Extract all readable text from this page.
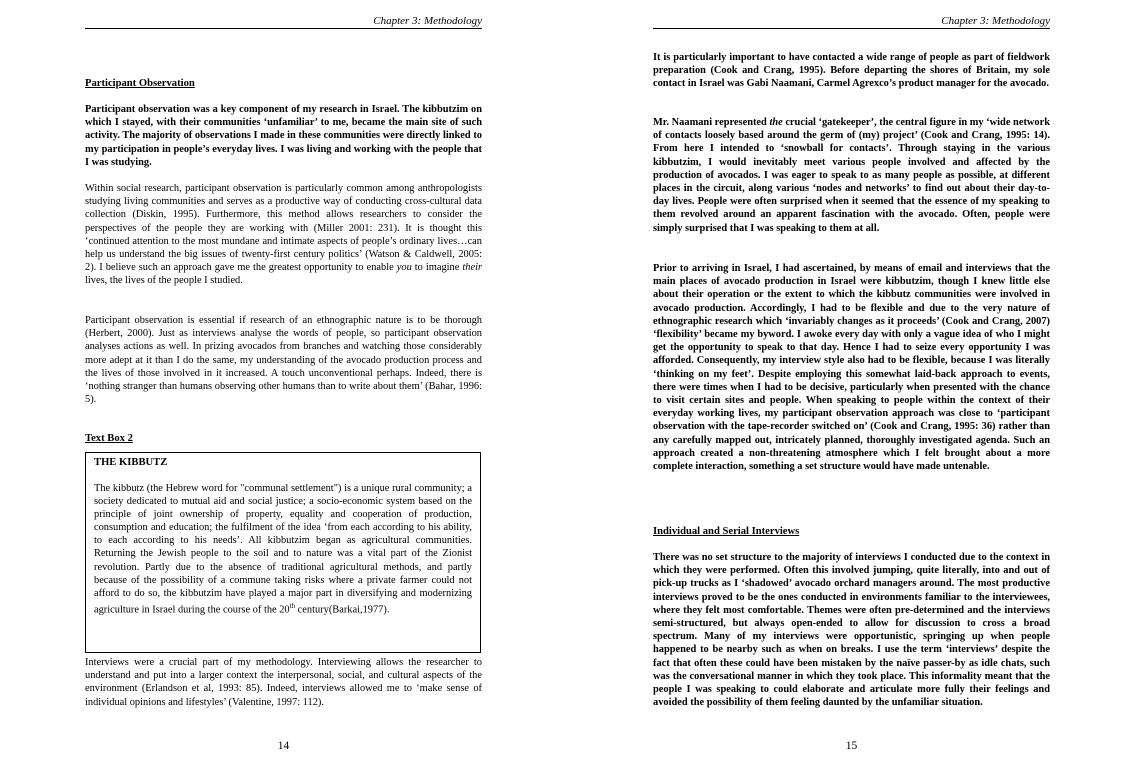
Chapter 3: Methodology
Participant Observation

Participant observation was a key component of my research in Israel. The kibbutzim on which I stayed, with their communities ‘unfamiliar’ to me, became the main site of such activity. The majority of observations I made in these communities were directly linked to my participation in people’s everyday lives. I was living and working with the people that I was studying.

Within social research, participant observation is particularly common among anthropologists studying living communities and serves as a productive way of conducting cross-cultural data collection (Diskin, 1995). Furthermore, this method allows researchers to consider the perspectives of the people they are working with (Miller 2001: 231). It is thought this ‘continued attention to the most mundane and intimate aspects of people’s ordinary lives…can help us understand the big issues of twenty-first century politics’ (Watson & Caldwell, 2005: 2). I believe such an approach gave me the greatest opportunity to enable you to imagine their lives, the lives of the people I studied.

Participant observation is essential if research of an ethnographic nature is to be thorough (Herbert, 2000). Just as interviews analyse the words of people, so participant observation analyses actions as well. In prizing avocados from branches and watching those considerably more adept at it than I do the same, my understanding of the avocado production process and the lives of those involved in it increased. A touch unconventional perhaps. Indeed, there is ‘nothing stranger than humans observing other humans than to write about them’ (Bahar, 1996: 5).

Text Box 2

THE KIBBUTZ

The kibbutz (the Hebrew word for "communal settlement") is a unique rural community; a society dedicated to mutual aid and social justice; a socio-economic system based on the principle of joint ownership of property, equality and cooperation of production, consumption and education; the fulfilment of the idea ‘from each according to his ability, to each according to his needs’. All kibbutzim began as agricultural communities. Returning the Jewish people to the soil and to nature was a vital part of the Zionist revolution. Partly due to the absence of traditional agricultural methods, and partly because of the possibility of a commune taking risks where a private farmer could not afford to do so, the kibbutzim have played a major part in diversifying and modernizing agriculture in Israel during the course of the 20th century(Barkai,1977).

Interviews were a crucial part of my methodology. Interviewing allows the researcher to understand and put into a larger context the interpersonal, social, and cultural aspects of the environment (Erlandson et al, 1993: 85). Indeed, interviews allowed me to ‘make sense of individual opinions and lifestyles’ (Valentine, 1997: 112).

14
Chapter 3: Methodology

It is particularly important to have contacted a wide range of people as part of fieldwork preparation (Cook and Crang, 1995). Before departing the shores of Britain, my sole contact in Israel was Gabi Naamani, Carmel Agrexco’s product manager for the avocado.

Mr. Naamani represented the crucial ‘gatekeeper’, the central figure in my ‘wide network of contacts loosely based around the germ of (my) project’ (Cook and Crang, 1995: 14). From here I intended to ‘snowball for contacts’. Through staying in the various kibbutzim, I would inevitably meet various people involved and affected by the production of avocados. I was eager to speak to as many people as possible, at different places in the circuit, along various ‘nodes and networks’ to find out about their day-to-day lives. People were often surprised when it seemed that the essence of my speaking to them revolved around an apparent fascination with the avocado. Often, people were simply surprised that I was speaking to them at all.

Prior to arriving in Israel, I had ascertained, by means of email and interviews that the main places of avocado production in Israel were kibbutzim, though I knew little else about their operation or the extent to which the kibbutz communities were involved in avocado production. Accordingly, I had to be flexible and due to the very nature of ethnographic research which ‘invariably changes as it proceeds’ (Cook and Crang, 2007) ‘flexibility’ became my byword. I awoke every day with only a vague idea of who I might get the opportunity to speak to that day. Hence I had to seize every opportunity I was afforded. Consequently, my interview style also had to be flexible, because I was literally ‘thinking on my feet’. Despite employing this somewhat laid-back approach to events, there were times when I had to be decisive, particularly when presented with the chance to visit certain sites and people. When speaking to people within the context of their everyday working lives, my participant observation approach was close to ‘participant observation with the tape-recorder switched on’ (Cook and Crang, 1995: 36) rather than any carefully mapped out, intricately planned, thoroughly investigated agenda. Such an approach created a non-threatening atmosphere which I felt brought about a more complete interaction, something a set structure would have made untenable.

Individual and Serial Interviews

There was no set structure to the majority of interviews I conducted due to the context in which they were performed. Often this involved jumping, quite literally, into and out of pick-up trucks as I ‘shadowed’ avocado orchard managers around. The most productive interviews proved to be the ones conducted in environments familiar to the interviewees, where they felt most comfortable. Themes were often pre-determined and the interviews semi-structured, but always open-ended to allow for discussion to cross a broad spectrum. Many of my interviews were opportunistic, springing up when people happened to be nearby such as when on breaks. I use the term ‘interviews’ despite the fact that often these could have been mistaken by the naïve passer-by as idle chats, such was the conversational manner in which they took place. This informality meant that the people I was speaking to could elaborate and articulate more fully their feelings and avoided the possibility of them feeling daunted by the unfamiliar situation.

15
